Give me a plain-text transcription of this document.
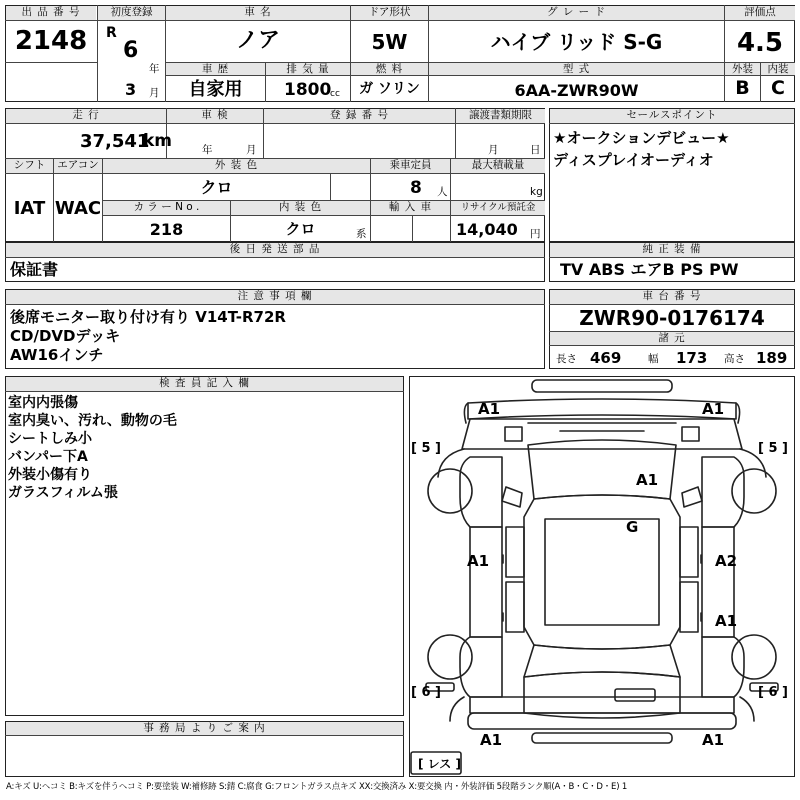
出 品 番 号
2148
初度登録
R
6
年
3 月
車 名
ノア
ドア形状
5W
グ レ ー ド
ハイブ リッド S-G
評価点
4.5
車 歴
自家用
排 気 量
1800
cc
燃 料
ガ ソリン
型 式
6AA-ZWR90W
外装	内装
B	C
走 行
37,541
km
車 検
年	月
登 録 番 号	譲渡書類期限
月	日
シフト
IAT
エアコン
WAC
外 装 色
クロ
乗車定員
8 人
最大積載量
kg
カ ラ ー N o .
218
内 装 色
クロ	系
輸 入 車	リサイクル預託金
14,040 円
セールスポイント
★オークションデビュー★
ディスプレイオーディオ
後 日 発 送 部 品
保証書
純 正 装 備
TV ABS エアB PS PW
注 意 事 項 欄
後席モニター取り付け有り V14T-R72R
CD/DVDデッキ
AW16インチ
車 台 番 号
ZWR90-0176174
諸 元
長さ 469	幅 173 高さ 189
検 査 員 記 入 欄
室内内張傷
室内臭い、汚れ、動物の毛
シートしみ小
バンパー下A
外装小傷有り
ガラスフィルム張
事 務 局 よ り ご 案 内
A1	A1
A1
G
A1	A2
A1
A1	A1
[ 5 ]	[ 5 ]
[ 6 ]	[ 6 ]
[ レス ]
A:キズ U:ヘコミ B:キズを伴うヘコミ P:要塗装 W:補修跡 S:錆 C:腐食 G:フロントガラス点キズ XX:交換済み X:要交換 内・外装評価 5段階ランク順(A・B・C・D・E) 1
